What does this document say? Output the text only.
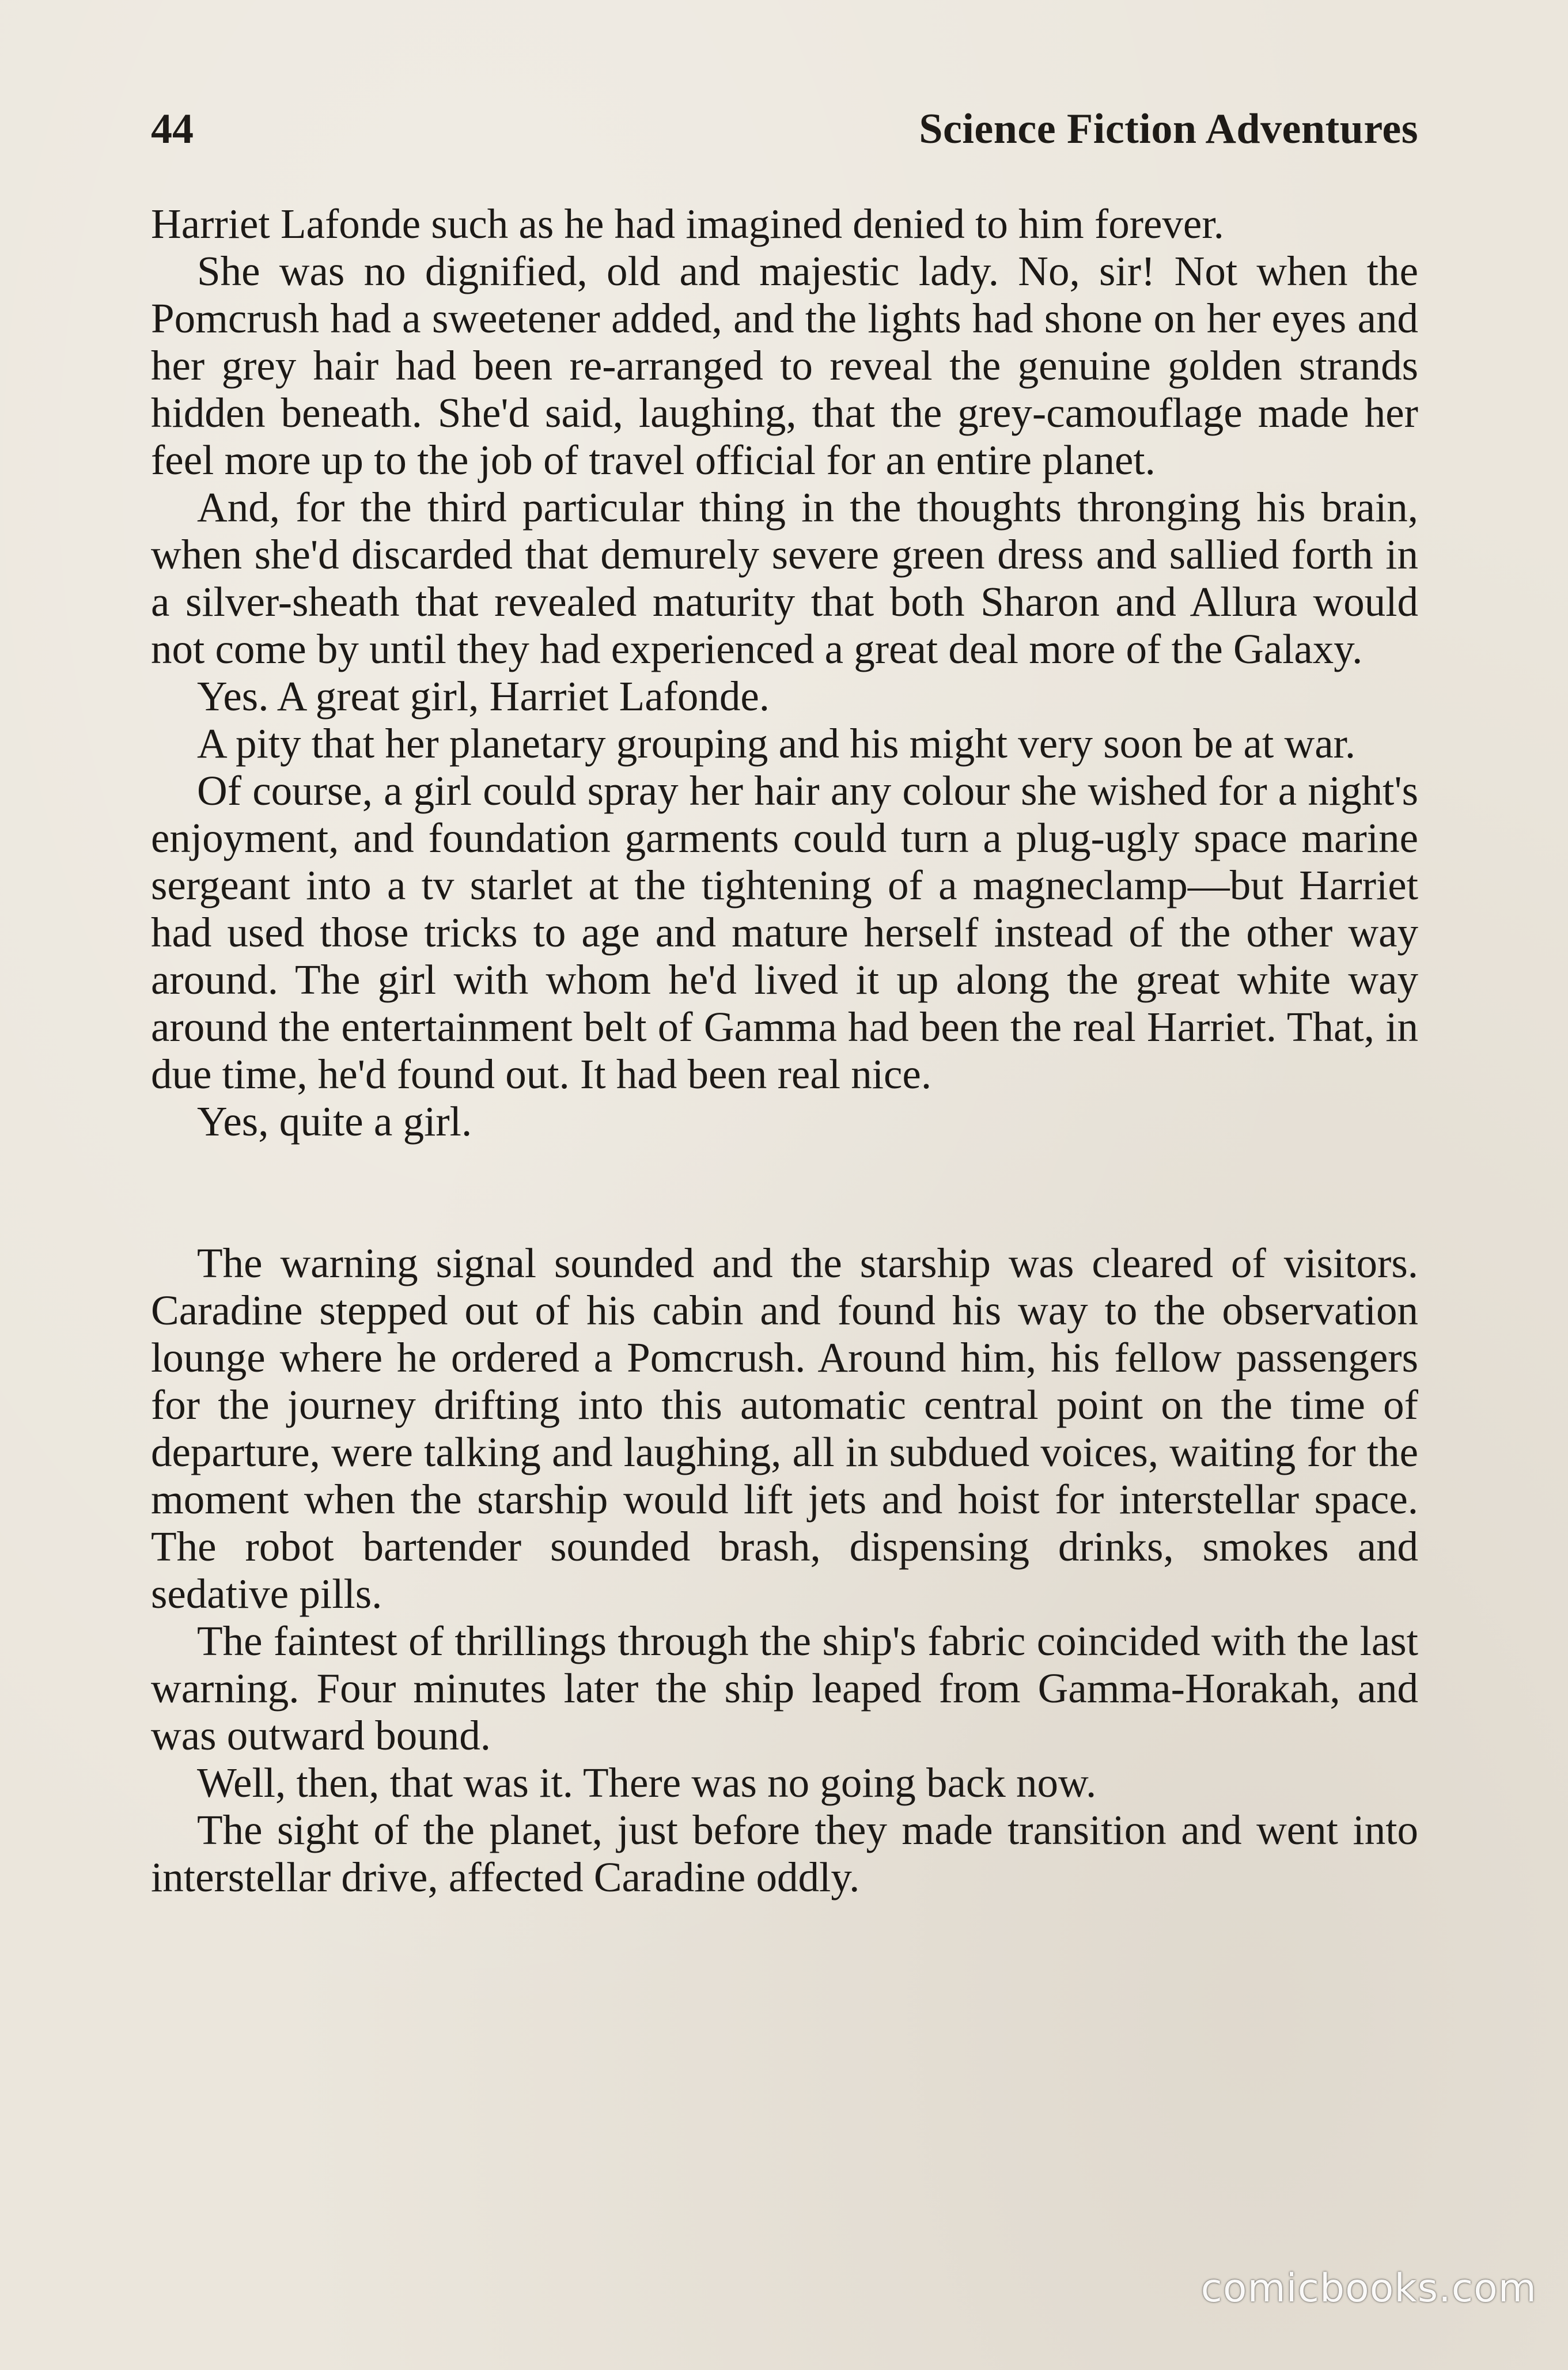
44	Science Fiction Adventures

Harriet Lafonde such as he had imagined denied to him forever.

She was no dignified, old and majestic lady. No, sir! Not when the Pomcrush had a sweetener added, and the lights had shone on her eyes and her grey hair had been re-arranged to reveal the genuine golden strands hidden beneath. She'd said, laughing, that the grey-camouflage made her feel more up to the job of travel official for an entire planet.

And, for the third particular thing in the thoughts thronging his brain, when she'd discarded that demurely severe green dress and sallied forth in a silver-sheath that revealed maturity that both Sharon and Allura would not come by until they had experienced a great deal more of the Galaxy.

Yes. A great girl, Harriet Lafonde.

A pity that her planetary grouping and his might very soon be at war.

Of course, a girl could spray her hair any colour she wished for a night's enjoyment, and foundation garments could turn a plug-ugly space marine sergeant into a tv starlet at the tightening of a magneclamp—but Harriet had used those tricks to age and mature herself instead of the other way around. The girl with whom he'd lived it up along the great white way around the entertainment belt of Gamma had been the real Harriet. That, in due time, he'd found out. It had been real nice.

Yes, quite a girl.

The warning signal sounded and the starship was cleared of visitors. Caradine stepped out of his cabin and found his way to the observation lounge where he ordered a Pomcrush. Around him, his fellow passengers for the journey drifting into this automatic central point on the time of departure, were talking and laughing, all in subdued voices, waiting for the moment when the starship would lift jets and hoist for interstellar space. The robot bartender sounded brash, dispensing drinks, smokes and sedative pills.

The faintest of thrillings through the ship's fabric coincided with the last warning. Four minutes later the ship leaped from Gamma-Horakah, and was outward bound.

Well, then, that was it. There was no going back now.

The sight of the planet, just before they made transition and went into interstellar drive, affected Caradine oddly.

comicbooks.com
